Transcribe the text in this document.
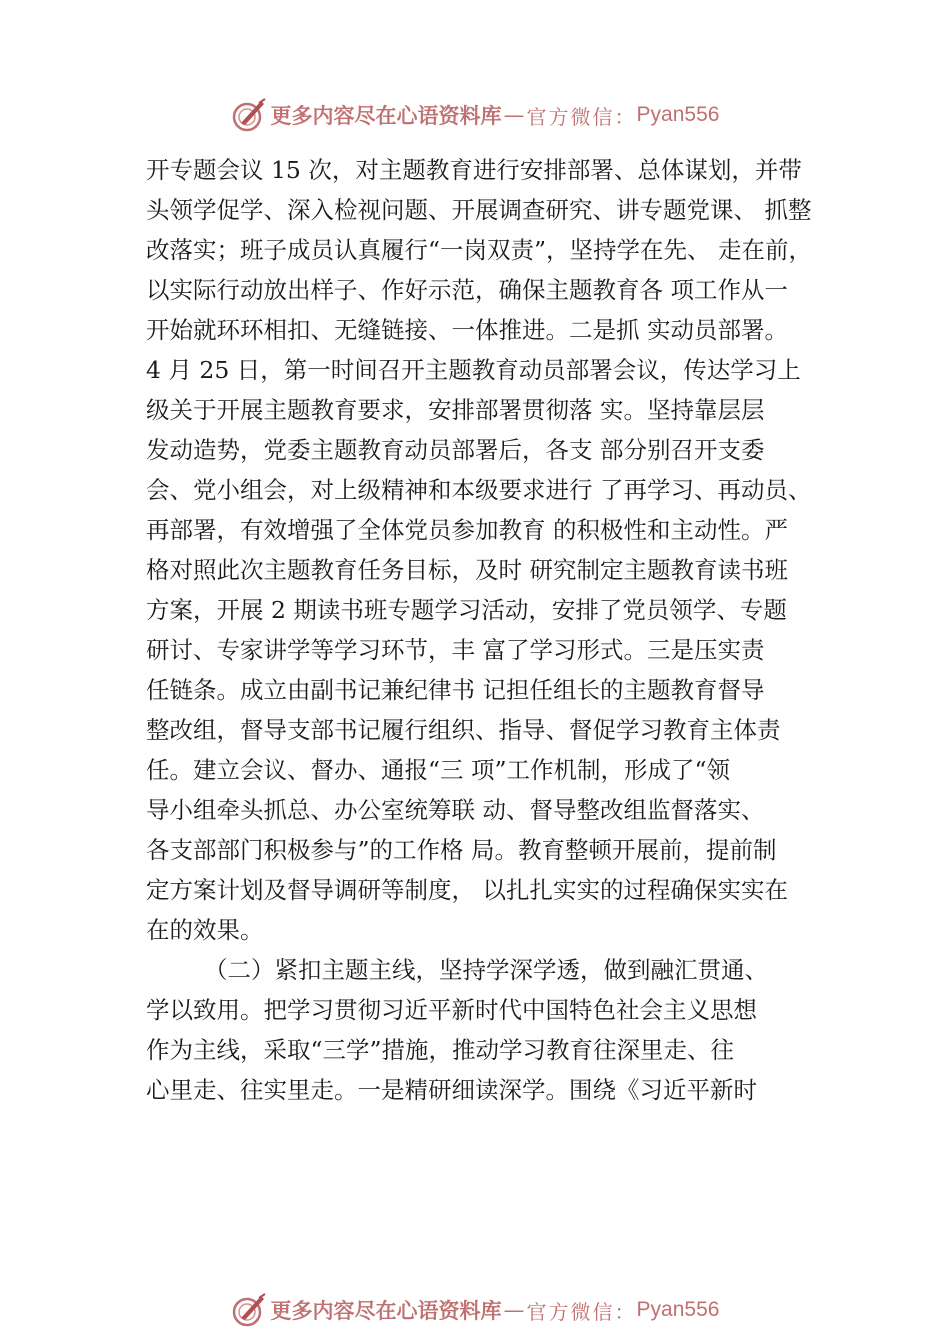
更多内容尽在心语资料库 — 官方微信： Pyan556
开专题会议 15 次，对主题教育进行安排部署、总体谋划，并带
头领学促学、深入检视问题、开展调查研究、讲专题党课、 抓整
改落实；班子成员认真履行“一岗双责”，坚持学在先、 走在前，
以实际行动放出样子、作好示范，确保主题教育各 项工作从一
开始就环环相扣、无缝链接、一体推进。二是抓 实动员部署。
4 月 25 日，第一时间召开主题教育动员部署会议，传达学习上
级关于开展主题教育要求，安排部署贯彻落 实。坚持靠层层
发动造势，党委主题教育动员部署后，各支 部分别召开支委
会、党小组会，对上级精神和本级要求进行 了再学习、再动员、
再部署，有效增强了全体党员参加教育 的积极性和主动性。严
格对照此次主题教育任务目标，及时 研究制定主题教育读书班
方案，开展 2 期读书班专题学习活动，安排了党员领学、专题
研讨、专家讲学等学习环节，丰 富了学习形式。三是压实责
任链条。成立由副书记兼纪律书 记担任组长的主题教育督导
整改组，督导支部书记履行组织、指导、督促学习教育主体责
任。建立会议、督办、通报“三 项”工作机制，形成了“领
导小组牵头抓总、办公室统筹联 动、督导整改组监督落实、
各支部部门积极参与”的工作格 局。教育整顿开展前，提前制
定方案计划及督导调研等制度， 以扎扎实实的过程确保实实在
在的效果。
（二）紧扣主题主线，坚持学深学透，做到融汇贯通、
学以致用。把学习贯彻习近平新时代中国特色社会主义思想
作为主线，采取“三学”措施，推动学习教育往深里走、往
心里走、往实里走。一是精研细读深学。围绕《习近平新时
更多内容尽在心语资料库 — 官方微信： Pyan556
